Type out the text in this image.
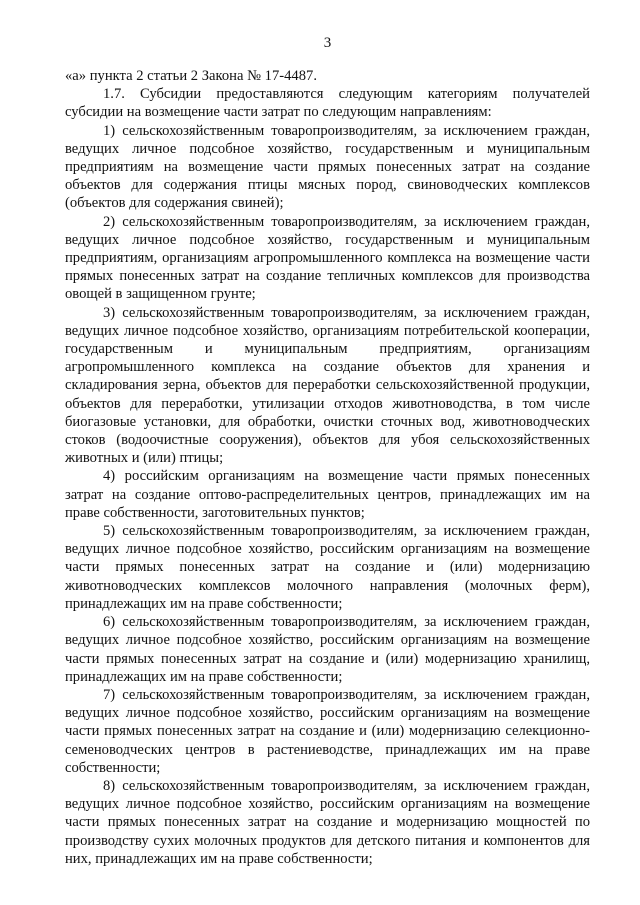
3

«а» пункта 2 статьи 2 Закона № 17-4487.

1.7. Субсидии предоставляются следующим категориям получателей субсидии на возмещение части затрат по следующим направлениям:

1) сельскохозяйственным товаропроизводителям, за исключением граждан, ведущих личное подсобное хозяйство, государственным и муниципальным предприятиям на возмещение части прямых понесенных затрат на создание объектов для содержания птицы мясных пород, свиноводческих комплексов (объектов для содержания свиней);

2) сельскохозяйственным товаропроизводителям, за исключением граждан, ведущих личное подсобное хозяйство, государственным и муниципальным предприятиям, организациям агропромышленного комплекса на возмещение части прямых понесенных затрат на создание тепличных комплексов для производства овощей в защищенном грунте;

3) сельскохозяйственным товаропроизводителям, за исключением граждан, ведущих личное подсобное хозяйство, организациям потребительской кооперации, государственным и муниципальным предприятиям, организациям агропромышленного комплекса на создание объектов для хранения и складирования зерна, объектов для переработки сельскохозяйственной продукции, объектов для переработки, утилизации отходов животноводства, в том числе биогазовые установки, для обработки, очистки сточных вод, животноводческих стоков (водоочистные сооружения), объектов для убоя сельскохозяйственных животных и (или) птицы;

4) российским организациям на возмещение части прямых понесенных затрат на создание оптово-распределительных центров, принадлежащих им на праве собственности, заготовительных пунктов;

5) сельскохозяйственным товаропроизводителям, за исключением граждан, ведущих личное подсобное хозяйство, российским организациям на возмещение части прямых понесенных затрат на создание и (или) модернизацию животноводческих комплексов молочного направления (молочных ферм), принадлежащих им на праве собственности;

6) сельскохозяйственным товаропроизводителям, за исключением граждан, ведущих личное подсобное хозяйство, российским организациям на возмещение части прямых понесенных затрат на создание и (или) модернизацию хранилищ, принадлежащих им на праве собственности;

7) сельскохозяйственным товаропроизводителям, за исключением граждан, ведущих личное подсобное хозяйство, российским организациям на возмещение части прямых понесенных затрат на создание и (или) модернизацию селекционно-семеноводческих центров в растениеводстве, принадлежащих им на праве собственности;

8) сельскохозяйственным товаропроизводителям, за исключением граждан, ведущих личное подсобное хозяйство, российским организациям на возмещение части прямых понесенных затрат на создание и модернизацию мощностей по производству сухих молочных продуктов для детского питания и компонентов для них, принадлежащих им на праве собственности;
